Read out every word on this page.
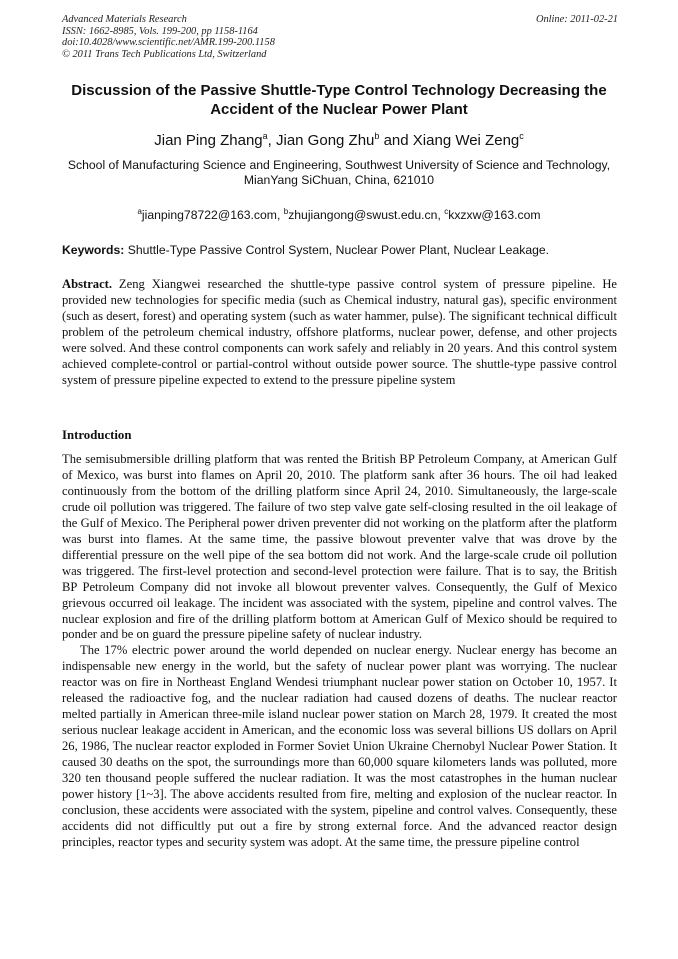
Advanced Materials Research
ISSN: 1662-8985, Vols. 199-200, pp 1158-1164
doi:10.4028/www.scientific.net/AMR.199-200.1158
© 2011 Trans Tech Publications Ltd, Switzerland
Online: 2011-02-21
Discussion of the Passive Shuttle-Type Control Technology Decreasing the Accident of the Nuclear Power Plant
Jian Ping Zhang$^a$, Jian Gong Zhu$^b$ and Xiang Wei Zeng$^c$
School of Manufacturing Science and Engineering, Southwest University of Science and Technology,
MianYang SiChuan, China, 621010
$^a$jianping78722@163.com, $^b$zhujiangong@swust.edu.cn, $^c$kxzxw@163.com
Keywords: Shuttle-Type Passive Control System, Nuclear Power Plant, Nuclear Leakage.

Abstract. Zeng Xiangwei researched the shuttle-type passive control system of pressure pipeline. He provided new technologies for specific media (such as Chemical industry, natural gas), specific environment (such as desert, forest) and operating system (such as water hammer, pulse). The significant technical difficult problem of the petroleum chemical industry, offshore platforms, nuclear power, defense, and other projects were solved. And these control components can work safely and reliably in 20 years. And this control system achieved complete-control or partial-control without outside power source. The shuttle-type passive control system of pressure pipeline expected to extend to the pressure pipeline system

Introduction

The semisubmersible drilling platform that was rented the British BP Petroleum Company, at American Gulf of Mexico, was burst into flames on April 20, 2010. The platform sank after 36 hours. The oil had leaked continuously from the bottom of the drilling platform since April 24, 2010. Simultaneously, the large-scale crude oil pollution was triggered. The failure of two step valve gate self-closing resulted in the oil leakage of the Gulf of Mexico. The Peripheral power driven preventer did not working on the platform after the platform was burst into flames. At the same time, the passive blowout preventer valve that was drove by the differential pressure on the well pipe of the sea bottom did not work. And the large-scale crude oil pollution was triggered. The first-level protection and second-level protection were failure. That is to say, the British BP Petroleum Company did not invoke all blowout preventer valves. Consequently, the Gulf of Mexico grievous occurred oil leakage. The incident was associated with the system, pipeline and control valves. The nuclear explosion and fire of the drilling platform bottom at American Gulf of Mexico should be required to ponder and be on guard the pressure pipeline safety of nuclear industry.

The 17% electric power around the world depended on nuclear energy. Nuclear energy has become an indispensable new energy in the world, but the safety of nuclear power plant was worrying. The nuclear reactor was on fire in Northeast England Wendesi triumphant nuclear power station on October 10, 1957. It released the radioactive fog, and the nuclear radiation had caused dozens of deaths. The nuclear reactor melted partially in American three-mile island nuclear power station on March 28, 1979. It created the most serious nuclear leakage accident in American, and the economic loss was several billions US dollars on April 26, 1986, The nuclear reactor exploded in Former Soviet Union Ukraine Chernobyl Nuclear Power Station. It caused 30 deaths on the spot, the surroundings more than 60,000 square kilometers lands was polluted, more 320 ten thousand people suffered the nuclear radiation. It was the most catastrophes in the human nuclear power history [1~3]. The above accidents resulted from fire, melting and explosion of the nuclear reactor. In conclusion, these accidents were associated with the system, pipeline and control valves. Consequently, these accidents did not difficultly put out a fire by strong external force. And the advanced reactor design principles, reactor types and security system was adopt. At the same time, the pressure pipeline control
